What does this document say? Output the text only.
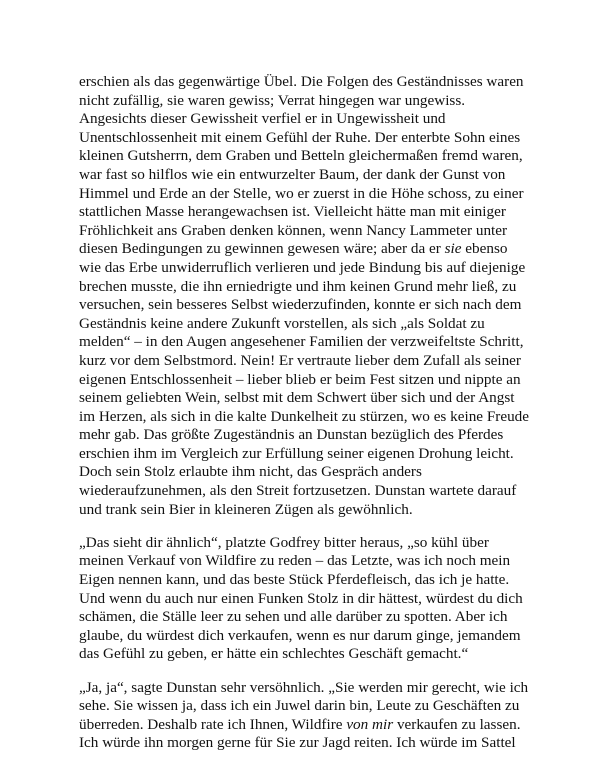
erschien als das gegenwärtige Übel. Die Folgen des Geständnisses waren nicht zufällig, sie waren gewiss; Verrat hingegen war ungewiss. Angesichts dieser Gewissheit verfiel er in Ungewissheit und Unentschlossenheit mit einem Gefühl der Ruhe. Der enterbte Sohn eines kleinen Gutsherrn, dem Graben und Betteln gleichermaßen fremd waren, war fast so hilflos wie ein entwurzelter Baum, der dank der Gunst von Himmel und Erde an der Stelle, wo er zuerst in die Höhe schoss, zu einer stattlichen Masse herangewachsen ist. Vielleicht hätte man mit einiger Fröhlichkeit ans Graben denken können, wenn Nancy Lammeter unter diesen Bedingungen zu gewinnen gewesen wäre; aber da er sie ebenso wie das Erbe unwiderruflich verlieren und jede Bindung bis auf diejenige brechen musste, die ihn erniedrigte und ihm keinen Grund mehr ließ, zu versuchen, sein besseres Selbst wiederzufinden, konnte er sich nach dem Geständnis keine andere Zukunft vorstellen, als sich „als Soldat zu melden“ – in den Augen angesehener Familien der verzweifeltste Schritt, kurz vor dem Selbstmord. Nein! Er vertraute lieber dem Zufall als seiner eigenen Entschlossenheit – lieber blieb er beim Fest sitzen und nippte an seinem geliebten Wein, selbst mit dem Schwert über sich und der Angst im Herzen, als sich in die kalte Dunkelheit zu stürzen, wo es keine Freude mehr gab. Das größte Zugeständnis an Dunstan bezüglich des Pferdes erschien ihm im Vergleich zur Erfüllung seiner eigenen Drohung leicht. Doch sein Stolz erlaubte ihm nicht, das Gespräch anders wiederaufzunehmen, als den Streit fortzusetzen. Dunstan wartete darauf und trank sein Bier in kleineren Zügen als gewöhnlich.

„Das sieht dir ähnlich“, platzte Godfrey bitter heraus, „so kühl über meinen Verkauf von Wildfire zu reden – das Letzte, was ich noch mein Eigen nennen kann, und das beste Stück Pferdefleisch, das ich je hatte. Und wenn du auch nur einen Funken Stolz in dir hättest, würdest du dich schämen, die Ställe leer zu sehen und alle darüber zu spotten. Aber ich glaube, du würdest dich verkaufen, wenn es nur darum ginge, jemandem das Gefühl zu geben, er hätte ein schlechtes Geschäft gemacht.“

„Ja, ja“, sagte Dunstan sehr versöhnlich. „Sie werden mir gerecht, wie ich sehe. Sie wissen ja, dass ich ein Juwel darin bin, Leute zu Geschäften zu überreden. Deshalb rate ich Ihnen, Wildfire von mir verkaufen zu lassen. Ich würde ihn morgen gerne für Sie zur Jagd reiten. Ich würde im Sattel
